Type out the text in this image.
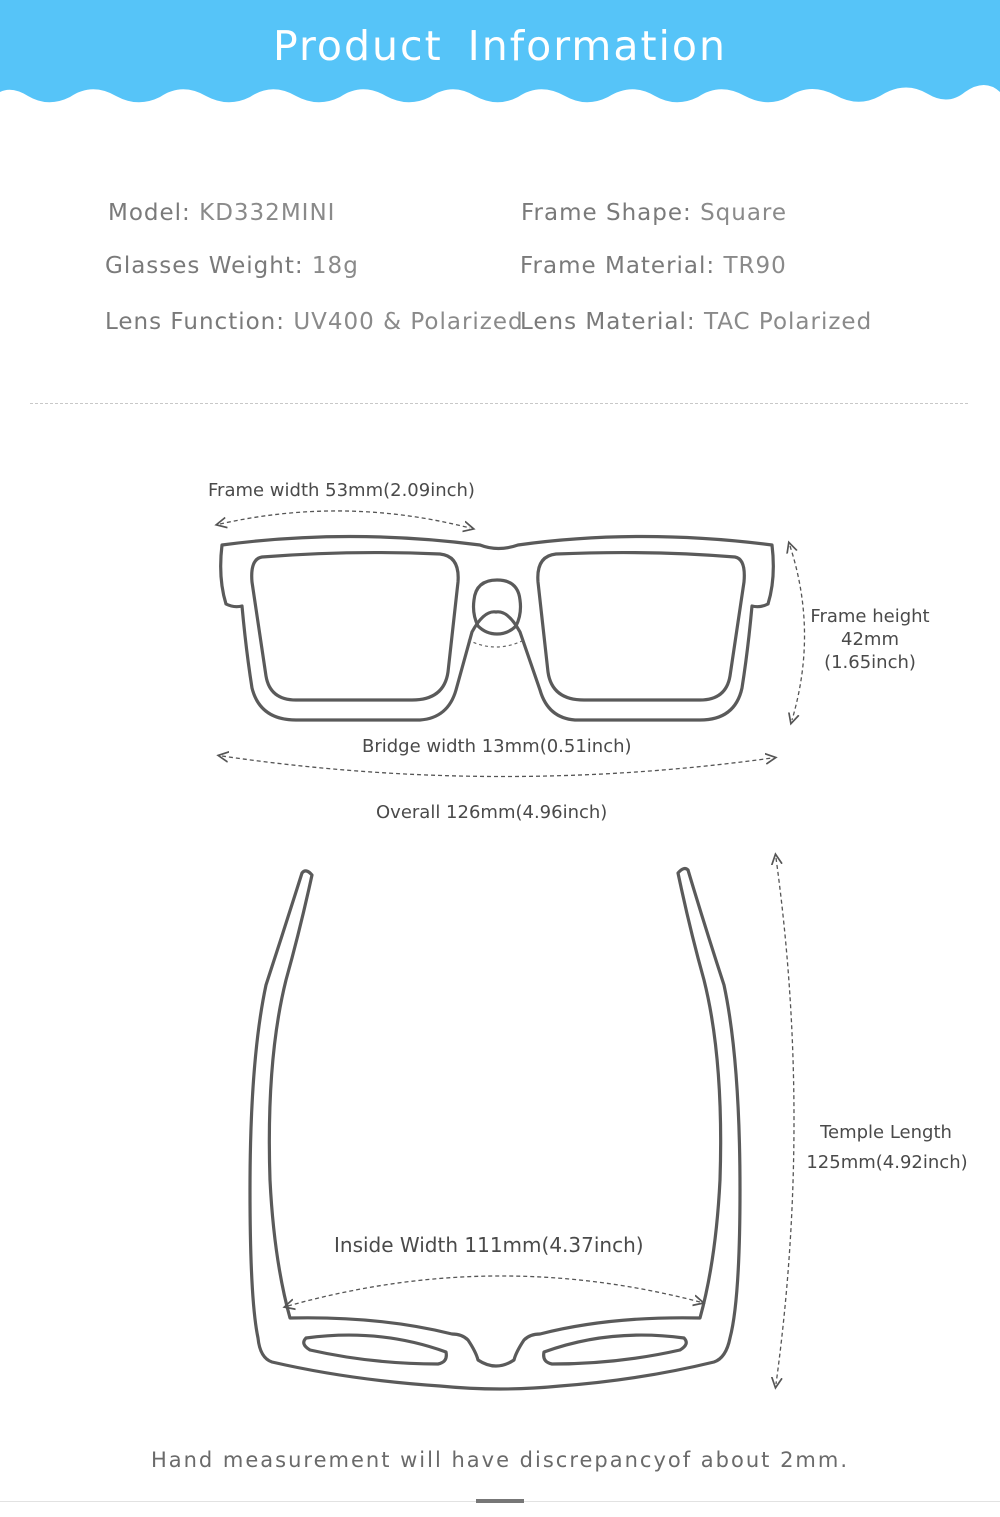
Product Information
Model: KD332MINI	Frame Shape: Square
Glasses Weight: 18g	Frame Material: TR90
Lens Function: UV400 & Polarized
Lens Material: TAC Polarized
Frame width 53mm(2.09inch)
Frame height
42mm
(1.65inch)
Bridge width 13mm(0.51inch)
Overall 126mm(4.96inch)
Temple Length
125mm(4.92inch)
Inside Width 111mm(4.37inch)
Hand measurement will have discrepancyof about 2mm.
